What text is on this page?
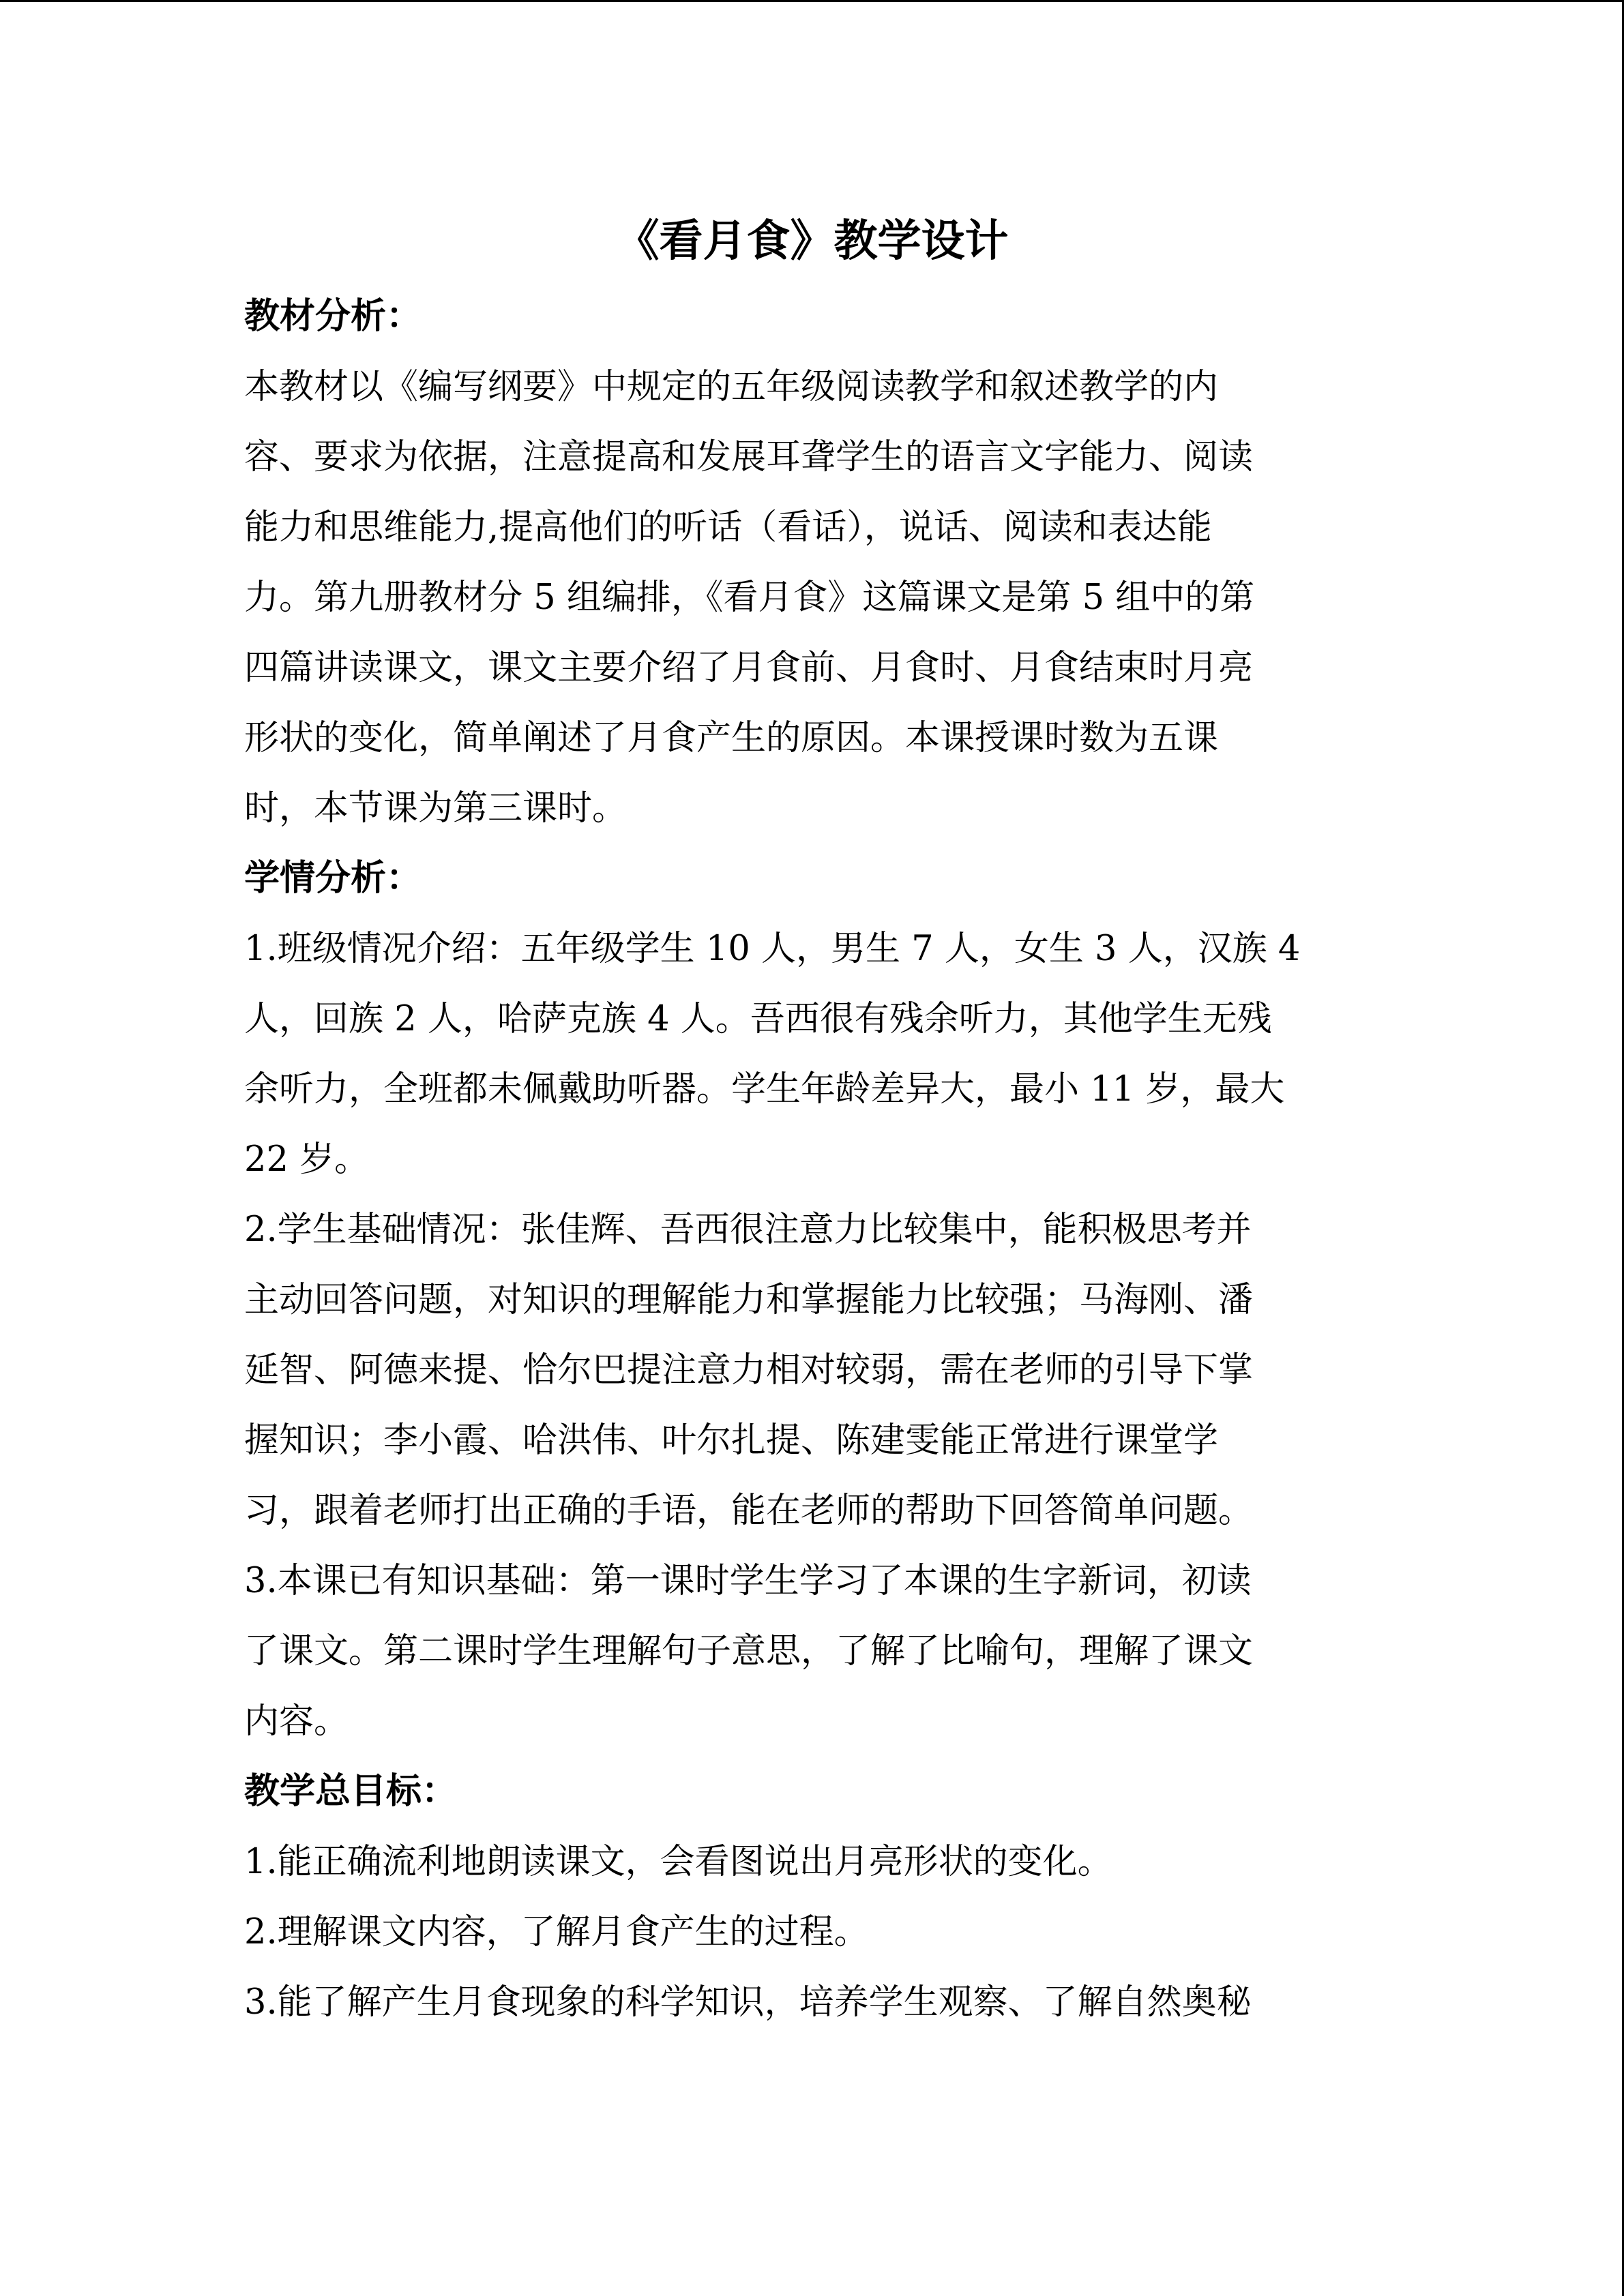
《看月食》教学设计
教材分析：
本教材以《编写纲要》中规定的五年级阅读教学和叙述教学的内
容、要求为依据，注意提高和发展耳聋学生的语言文字能力、阅读
能力和思维能力,提高他们的听话（看话），说话、阅读和表达能
力。第九册教材分 5 组编排，《看月食》这篇课文是第 5 组中的第
四篇讲读课文，课文主要介绍了月食前、月食时、月食结束时月亮
形状的变化，简单阐述了月食产生的原因。本课授课时数为五课
时，本节课为第三课时。
学情分析：
1.班级情况介绍：五年级学生 10 人，男生 7 人，女生 3 人，汉族 4
人，回族 2 人，哈萨克族 4 人。吾西很有残余听力，其他学生无残
余听力，全班都未佩戴助听器。学生年龄差异大，最小 11 岁，最大
22 岁。
2.学生基础情况：张佳辉、吾西很注意力比较集中，能积极思考并
主动回答问题，对知识的理解能力和掌握能力比较强；马海刚、潘
延智、阿德来提、恰尔巴提注意力相对较弱，需在老师的引导下掌
握知识；李小霞、哈洪伟、叶尔扎提、陈建雯能正常进行课堂学
习，跟着老师打出正确的手语，能在老师的帮助下回答简单问题。
3.本课已有知识基础：第一课时学生学习了本课的生字新词，初读
了课文。第二课时学生理解句子意思，了解了比喻句，理解了课文
内容。
教学总目标：
1.能正确流利地朗读课文，会看图说出月亮形状的变化。
2.理解课文内容，了解月食产生的过程。
3.能了解产生月食现象的科学知识，培养学生观察、了解自然奥秘
